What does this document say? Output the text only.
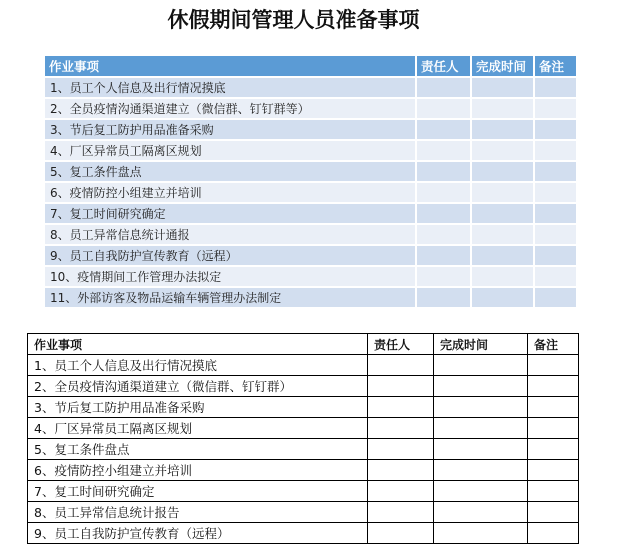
休假期间管理人员准备事项
作业事项	责任人	完成时间	备注
1、员工个人信息及出行情况摸底			
2、全员疫情沟通渠道建立（微信群、钉钉群等）			
3、节后复工防护用品准备采购			
4、厂区异常员工隔离区规划			
5、复工条件盘点			
6、疫情防控小组建立并培训			
7、复工时间研究确定			
8、员工异常信息统计通报			
9、员工自我防护宣传教育（远程）			
10、疫情期间工作管理办法拟定			
11、外部访客及物品运输车辆管理办法制定			
作业事项	责任人	完成时间	备注
1、员工个人信息及出行情况摸底			
2、全员疫情沟通渠道建立（微信群、钉钉群）			
3、节后复工防护用品准备采购			
4、厂区异常员工隔离区规划			
5、复工条件盘点			
6、疫情防控小组建立并培训			
7、复工时间研究确定			
8、员工异常信息统计报告			
9、员工自我防护宣传教育（远程）			
